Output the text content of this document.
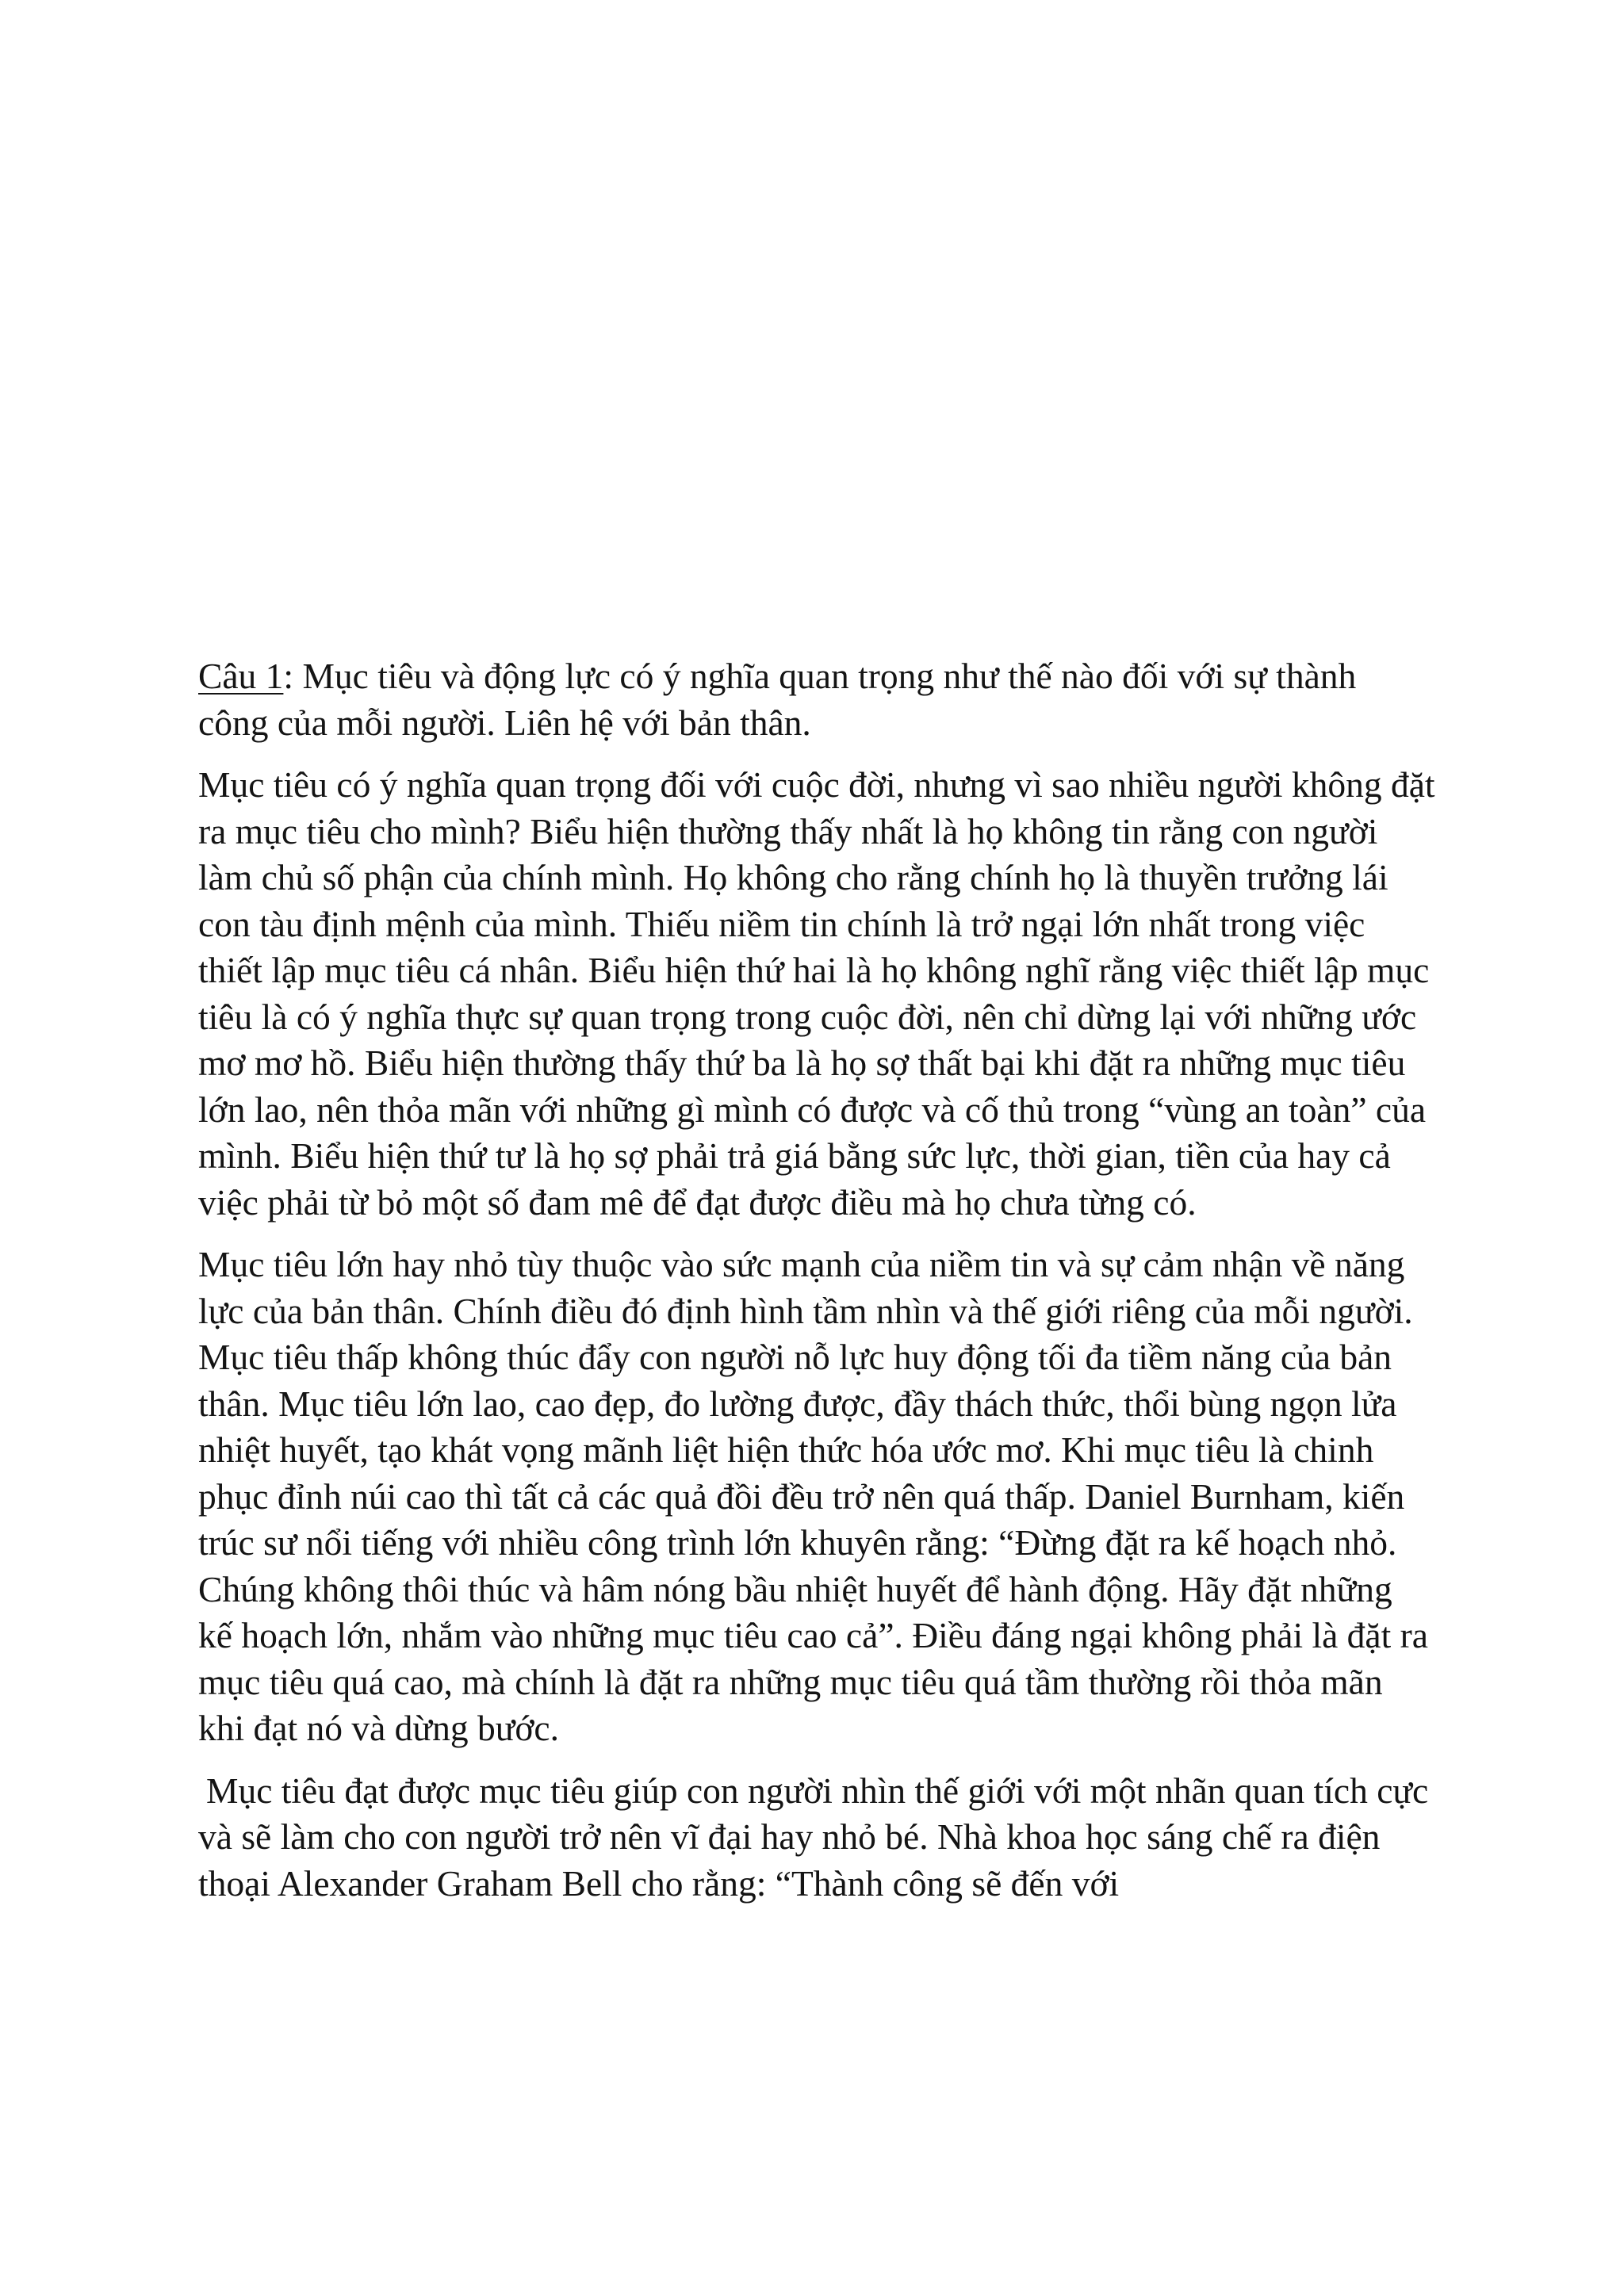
Câu 1: Mục tiêu và động lực có ý nghĩa quan trọng như thế nào đối với sự thành công của mỗi người. Liên hệ với bản thân.

Mục tiêu có ý nghĩa quan trọng đối với cuộc đời, nhưng vì sao nhiều người không đặt ra mục tiêu cho mình? Biểu hiện thường thấy nhất là họ không tin rằng con người làm chủ số phận của chính mình. Họ không cho rằng chính họ là thuyền trưởng lái con tàu định mệnh của mình. Thiếu niềm tin chính là trở ngại lớn nhất trong việc thiết lập mục tiêu cá nhân. Biểu hiện thứ hai là họ không nghĩ rằng việc thiết lập mục tiêu là có ý nghĩa thực sự quan trọng trong cuộc đời, nên chỉ dừng lại với những ước mơ mơ hồ. Biểu hiện thường thấy thứ ba là họ sợ thất bại khi đặt ra những mục tiêu lớn lao, nên thỏa mãn với những gì mình có được và cố thủ trong “vùng an toàn” của mình. Biểu hiện thứ tư là họ sợ phải trả giá bằng sức lực, thời gian, tiền của hay cả việc phải từ bỏ một số đam mê để đạt được điều mà họ chưa từng có.

Mục tiêu lớn hay nhỏ tùy thuộc vào sức mạnh của niềm tin và sự cảm nhận về năng lực của bản thân. Chính điều đó định hình tầm nhìn và thế giới riêng của mỗi người. Mục tiêu thấp không thúc đẩy con người nỗ lực huy động tối đa tiềm năng của bản thân. Mục tiêu lớn lao, cao đẹp, đo lường được, đầy thách thức, thổi bùng ngọn lửa nhiệt huyết, tạo khát vọng mãnh liệt hiện thức hóa ước mơ. Khi mục tiêu là chinh phục đỉnh núi cao thì tất cả các quả đồi đều trở nên quá thấp. Daniel Burnham, kiến trúc sư nổi tiếng với nhiều công trình lớn khuyên rằng: “Đừng đặt ra kế hoạch nhỏ. Chúng không thôi thúc và hâm nóng bầu nhiệt huyết để hành động. Hãy đặt những kế hoạch lớn, nhắm vào những mục tiêu cao cả”. Điều đáng ngại không phải là đặt ra mục tiêu quá cao, mà chính là đặt ra những mục tiêu quá tầm thường rồi thỏa mãn khi đạt nó và dừng bước.

Mục tiêu đạt được mục tiêu giúp con người nhìn thế giới với một nhãn quan tích cực và sẽ làm cho con người trở nên vĩ đại hay nhỏ bé. Nhà khoa học sáng chế ra điện thoại Alexander Graham Bell cho rằng: “Thành công sẽ đến với
